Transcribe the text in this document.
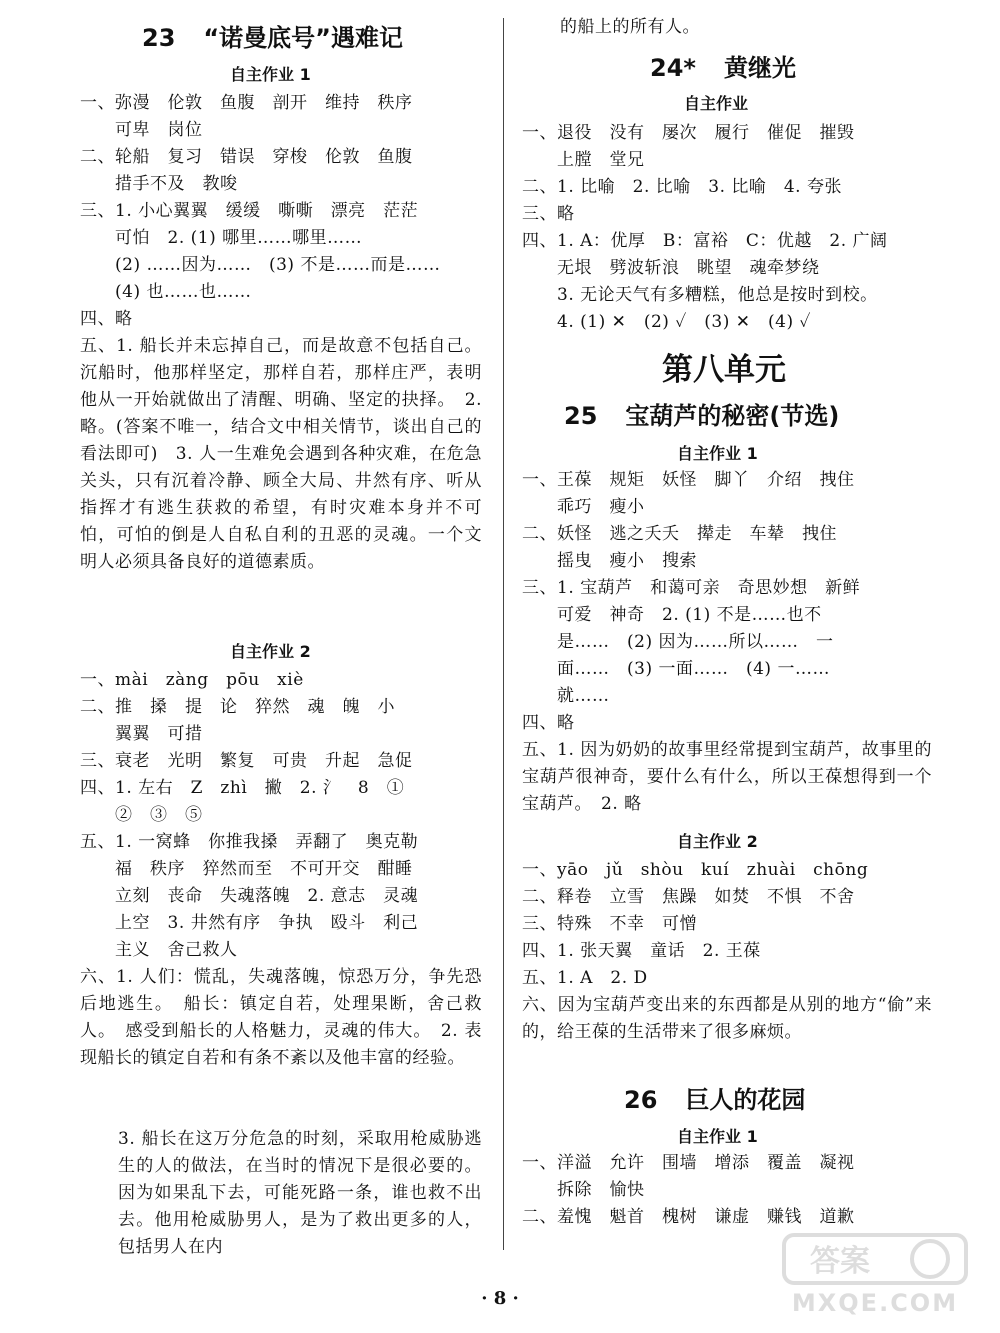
23 “诺曼底号”遇难记
自主作业 1
一、弥漫　伦敦　鱼腹　剖开　维持　秩序
　　可卑　岗位
二、轮船　复习　错误　穿梭　伦敦　鱼腹
　　措手不及　教唆
三、1. 小心翼翼　缓缓　嘶嘶　漂亮　茫茫
　　可怕　2. (1) 哪里……哪里……
　　(2) ……因为……　(3) 不是……而是……
　　(4) 也……也……
四、略
五、1. 船长并未忘掉自己，而是故意不包括自己。沉船时，他那样坚定，那样自若，那样庄严，表明他从一开始就做出了清醒、明确、坚定的抉择。　2. 略。(答案不唯一，结合文中相关情节，谈出自己的看法即可)　3. 人一生难免会遇到各种灾难，在危急关头，只有沉着冷静、顾全大局、井然有序、听从指挥才有逃生获救的希望，有时灾难本身并不可怕，可怕的倒是人自私自利的丑恶的灵魂。一个文明人必须具备良好的道德素质。
自主作业 2
一、mài　zàng　pōu　xiè
二、推　搡　提　论　猝然　魂　魄　小
　　翼翼　可措
三、衰老　光明　繁复　可贵　升起　急促
四、1. 左右　Z　zhì　撇　2. 氵　8　①
　　②　③　⑤
五、1. 一窝蜂　你推我搡　弄翻了　奥克勒
　　福　秩序　猝然而至　不可开交　酣睡
　　立刻　丧命　失魂落魄　2. 意志　灵魂
　　上空　3. 井然有序　争执　殴斗　利己
　　主义　舍己救人
六、1. 人们：慌乱，失魂落魄，惊恐万分，争先恐后地逃生。　船长：镇定自若，处理果断，舍己救人。　感受到船长的人格魅力，灵魂的伟大。　2. 表现船长的镇定自若和有条不紊以及他丰富的经验。
3. 船长在这万分危急的时刻，采取用枪威胁逃生的人的做法，在当时的情况下是很必要的。因为如果乱下去，可能死路一条，谁也救不出去。他用枪威胁男人，是为了救出更多的人，包括男人在内
的船上的所有人。
24* 黄继光
自主作业
一、退役　没有　屡次　履行　催促　摧毁
　　上膛　堂兄
二、1. 比喻　2. 比喻　3. 比喻　4. 夸张
三、略
四、1. A：优厚　B：富裕　C：优越　2. 广阔
　　无垠　劈波斩浪　眺望　魂牵梦绕
　　3. 无论天气有多糟糕，他总是按时到校。
　　4. (1) ✕　(2) ✓　(3) ✕　(4) ✓
第八单元
25 宝葫芦的秘密(节选)
自主作业 1
一、王葆　规矩　妖怪　脚丫　介绍　拽住
　　乖巧　瘦小
二、妖怪　逃之夭夭　撵走　车辇　拽住
　　摇曳　瘦小　搜索
三、1. 宝葫芦　和蔼可亲　奇思妙想　新鲜
　　可爱　神奇　2. (1) 不是……也不
　　是……　(2) 因为……所以……　一
　　面……　(3) 一面……　(4) 一……
　　就……
四、略
五、1. 因为奶奶的故事里经常提到宝葫芦，故事里的宝葫芦很神奇，要什么有什么，所以王葆想得到一个宝葫芦。　2. 略
自主作业 2
一、yāo　jǔ　shòu　kuí　zhuài　chōng
二、释卷　立雪　焦躁　如焚　不惧　不舍
三、特殊　不幸　可憎
四、1. 张天翼　童话　2. 王葆
五、1. A　2. D
六、因为宝葫芦变出来的东西都是从别的地方“偷”来的，给王葆的生活带来了很多麻烦。
26 巨人的花园
自主作业 1
一、洋溢　允许　围墙　增添　覆盖　凝视
　　拆除　愉快
二、羞愧　魁首　槐树　谦虚　赚钱　道歉
· 8 ·
答案
MXQE.COM
